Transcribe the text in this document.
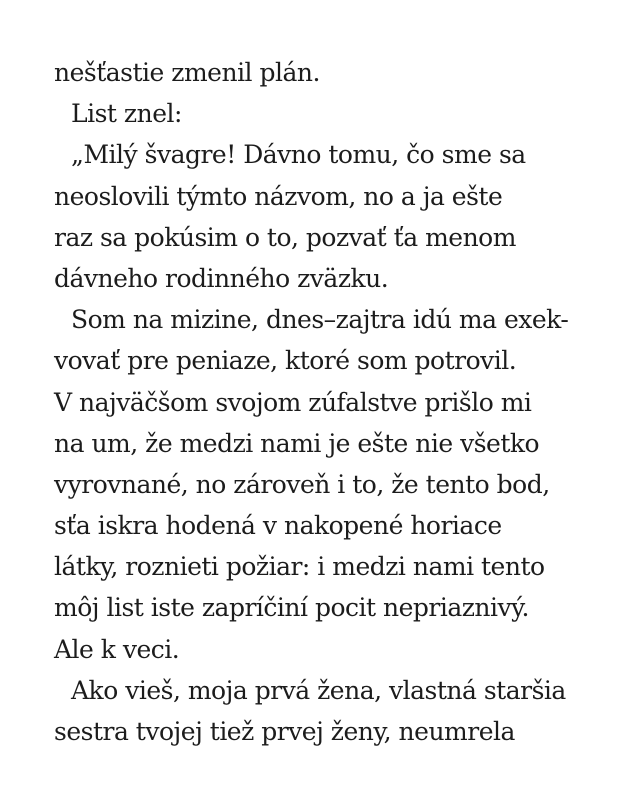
nešťastie zmenil plán.
List znel:
„Milý švagre! Dávno tomu, čo sme sa
neoslovili týmto názvom, no a ja ešte
raz sa pokúsim o to, pozvať ťa menom
dávneho rodinného zväzku.
Som na mizine, dnes–zajtra idú ma exek-
vovať pre peniaze, ktoré som potrovil.
V najväčšom svojom zúfalstve prišlo mi
na um, že medzi nami je ešte nie všetko
vyrovnané, no zároveň i to, že tento bod,
sťa iskra hodená v nakopené horiace
látky, roznieti požiar: i medzi nami tento
môj list iste zapríčiní pocit nepriaznivý.
Ale k veci.
Ako vieš, moja prvá žena, vlastná staršia
sestra tvojej tiež prvej ženy, neumrela
